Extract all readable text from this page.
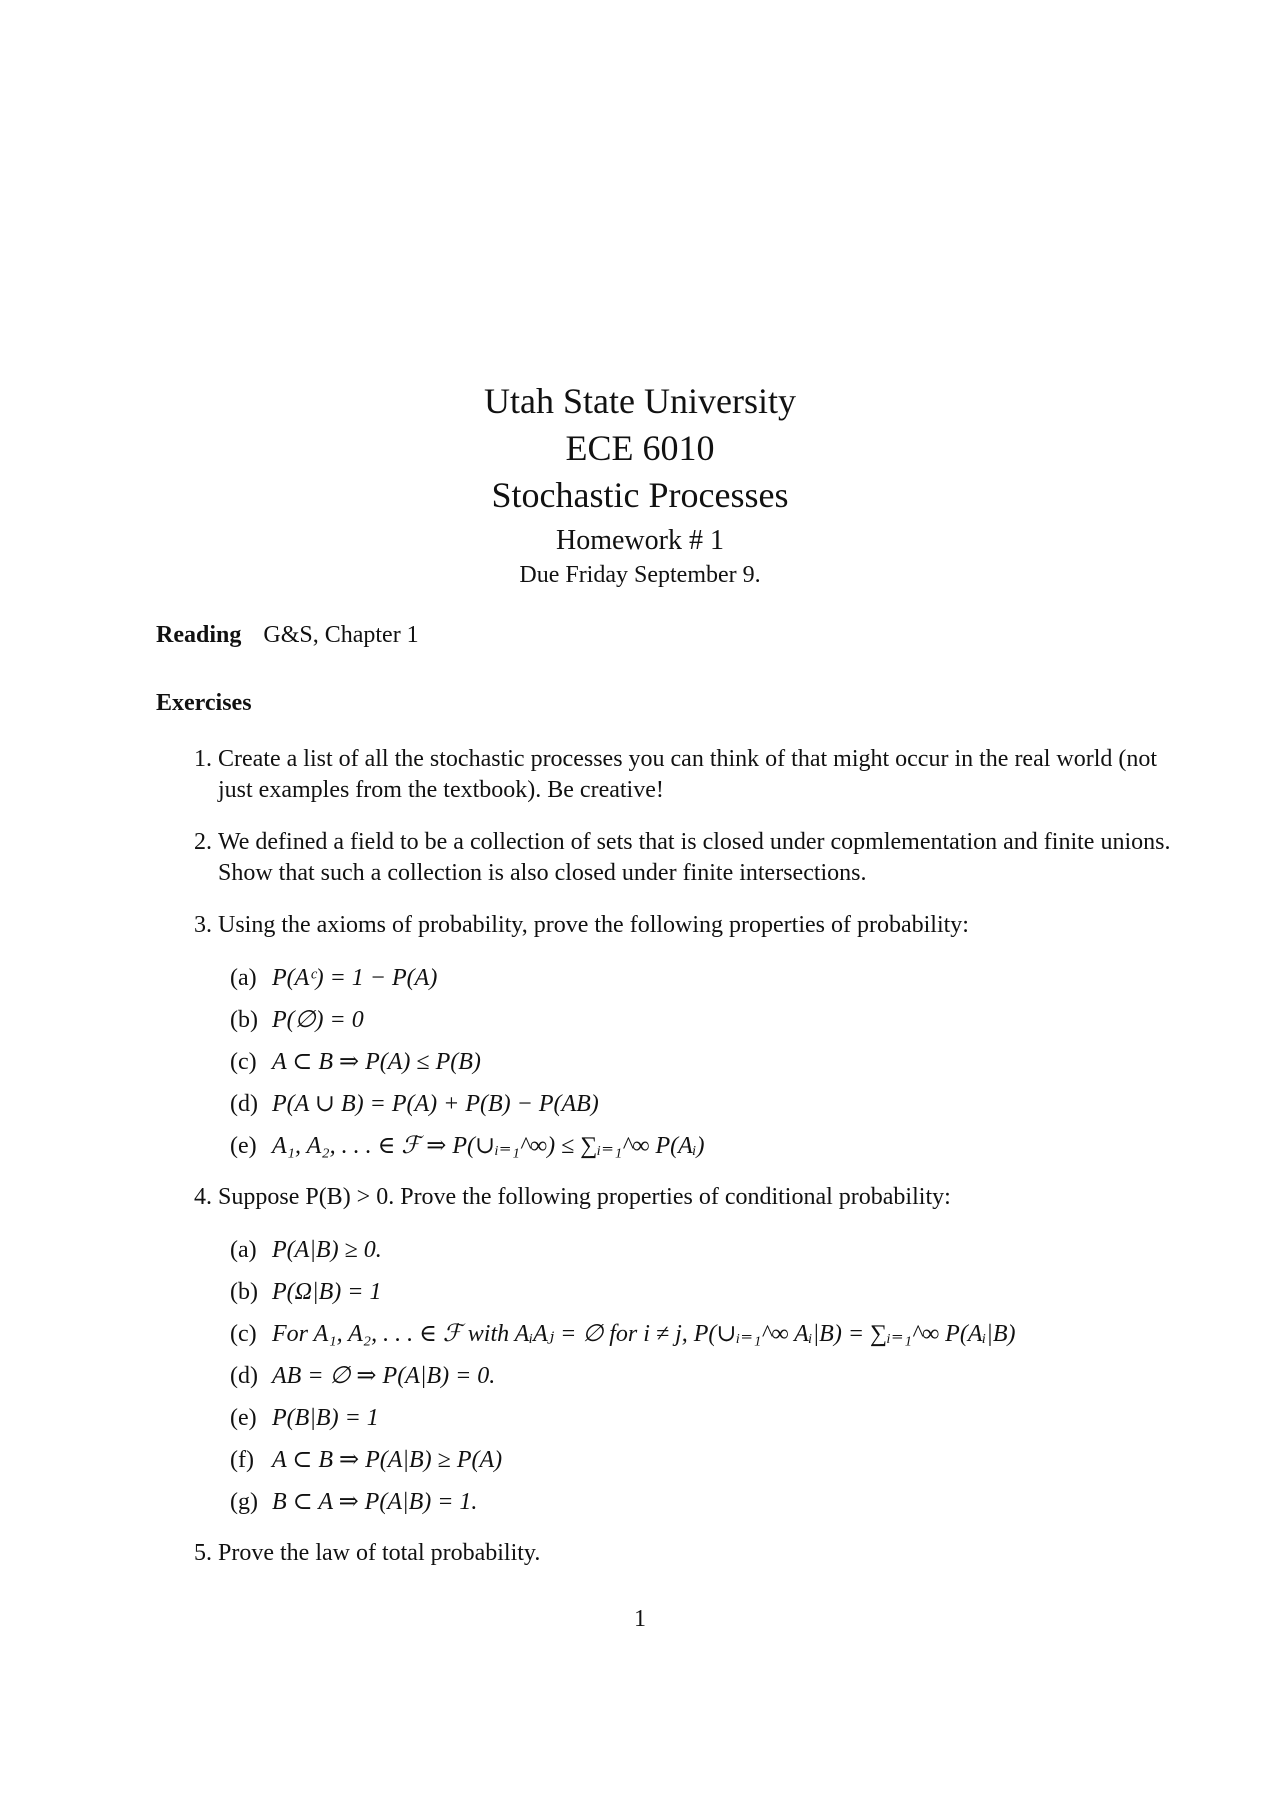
Utah State University
ECE 6010
Stochastic Processes
Homework # 1
Due Friday September 9.
Reading G&S, Chapter 1
Exercises
1. Create a list of all the stochastic processes you can think of that might occur in the real world (not just examples from the textbook). Be creative!
2. We defined a field to be a collection of sets that is closed under copmlementation and finite unions. Show that such a collection is also closed under finite intersections.
3. Using the axioms of probability, prove the following properties of probability:
(a) P(Aᶜ) = 1 − P(A)
(b) P(∅) = 0
(c) A ⊂ B ⇒ P(A) ≤ P(B)
(d) P(A ∪ B) = P(A) + P(B) − P(AB)
(e) A₁, A₂, . . . ∈ ℱ ⇒ P(∪ᵢ₌₁^∞) ≤ ∑ᵢ₌₁^∞ P(Aᵢ)
4. Suppose P(B) > 0. Prove the following properties of conditional probability:
(a) P(A|B) ≥ 0.
(b) P(Ω|B) = 1
(c) For A₁, A₂, . . . ∈ ℱ with AᵢAⱼ = ∅ for i ≠ j, P(∪ᵢ₌₁^∞ Aᵢ|B) = ∑ᵢ₌₁^∞ P(Aᵢ|B)
(d) AB = ∅ ⇒ P(A|B) = 0.
(e) P(B|B) = 1
(f) A ⊂ B ⇒ P(A|B) ≥ P(A)
(g) B ⊂ A ⇒ P(A|B) = 1.
5. Prove the law of total probability.
1
